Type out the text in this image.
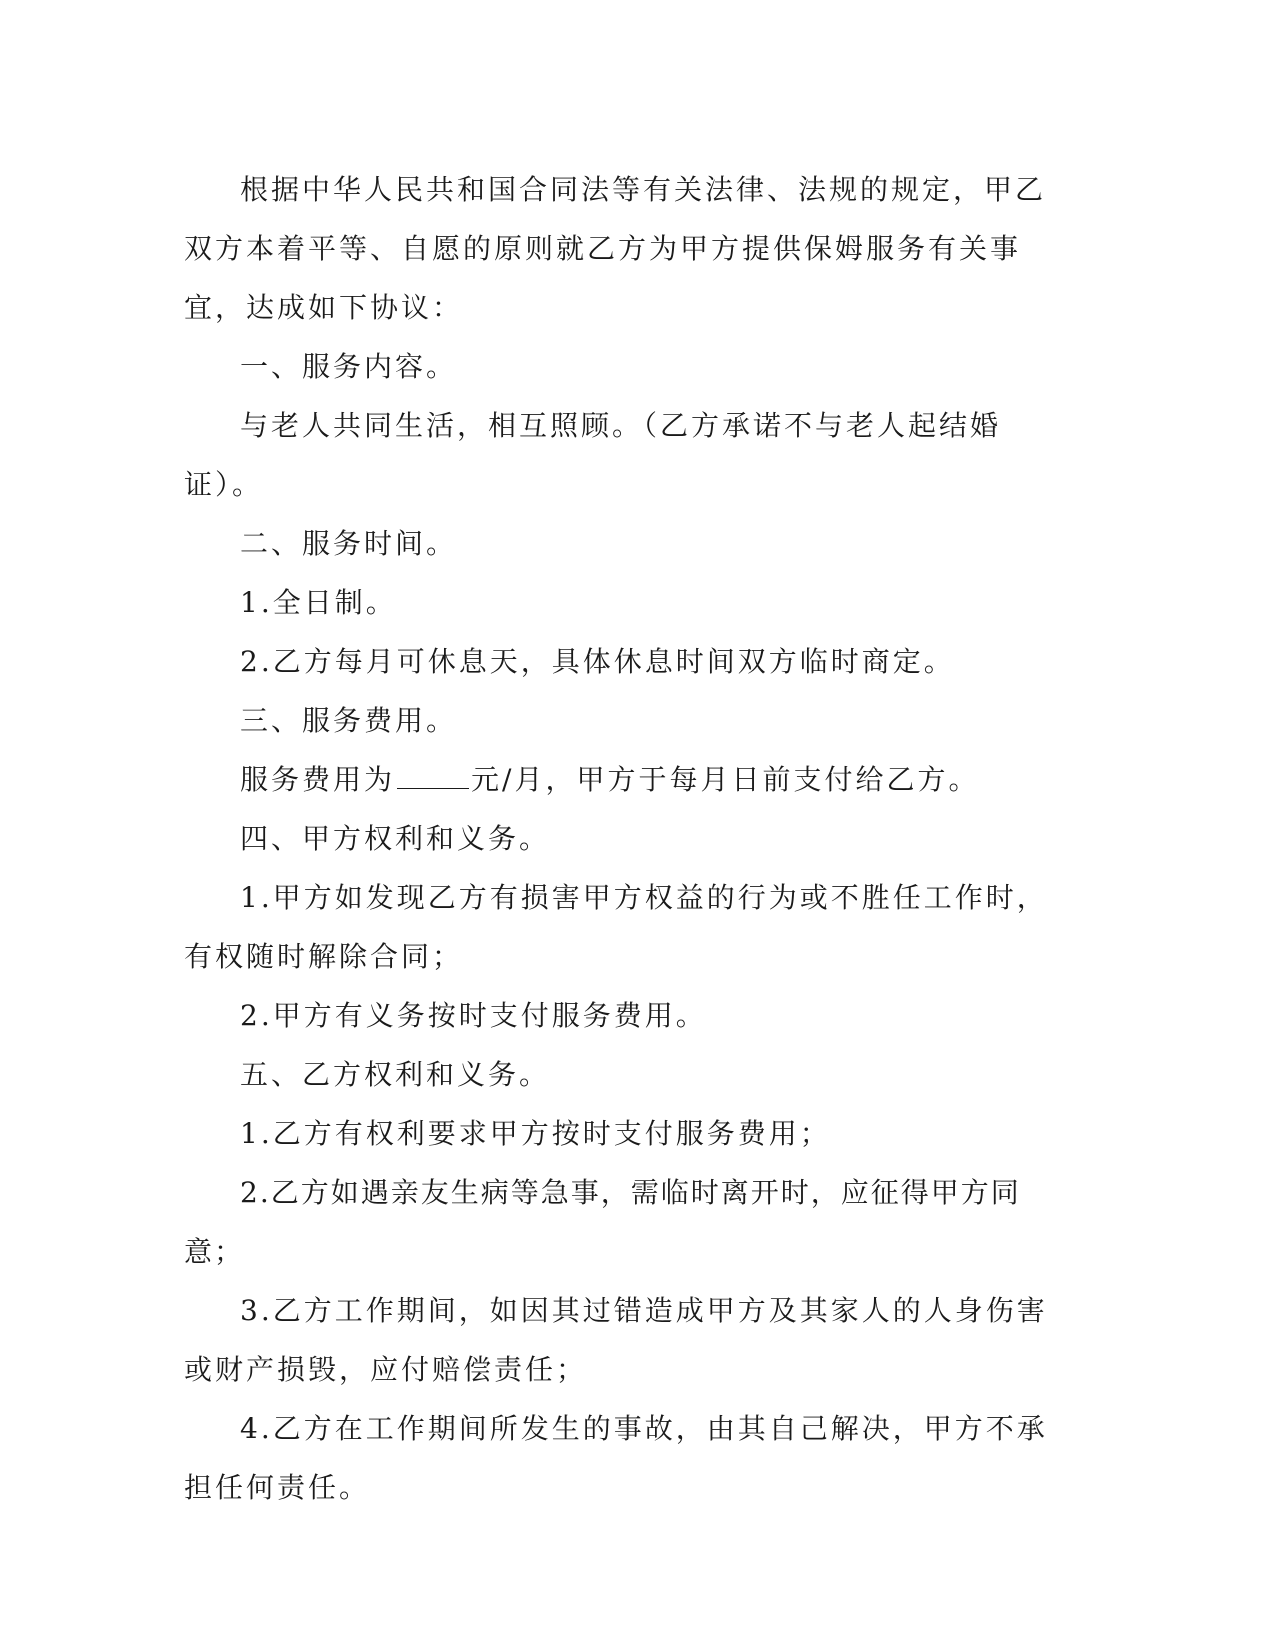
根据中华人民共和国合同法等有关法律、法规的规定，甲乙双方本着平等、自愿的原则就乙方为甲方提供保姆服务有关事宜，达成如下协议：

一、服务内容。

与老人共同生活，相互照顾。（乙方承诺不与老人起结婚证）。

二、服务时间。

1.全日制。

2.乙方每月可休息天，具体休息时间双方临时商定。

三、服务费用。

服务费用为	元/月，甲方于每月日前支付给乙方。

四、甲方权利和义务。

1.甲方如发现乙方有损害甲方权益的行为或不胜任工作时，有权随时解除合同；

2.甲方有义务按时支付服务费用。

五、乙方权利和义务。

1.乙方有权利要求甲方按时支付服务费用；

2.乙方如遇亲友生病等急事，需临时离开时，应征得甲方同意；

3.乙方工作期间，如因其过错造成甲方及其家人的人身伤害或财产损毁，应付赔偿责任；

4.乙方在工作期间所发生的事故，由其自己解决，甲方不承担任何责任。
